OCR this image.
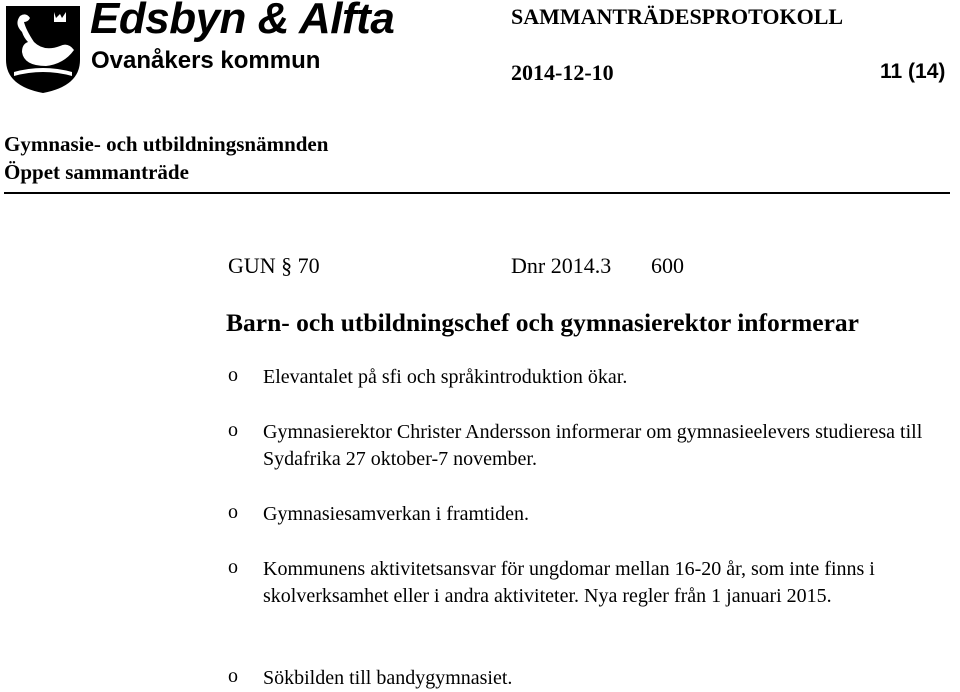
Edsbyn & Alfta
Ovanåkers kommun
SAMMANTRÄDESPROTOKOLL
2014-12-10	11 (14)
Gymnasie- och utbildningsnämnden
Öppet sammanträde
GUN § 70	Dnr 2014.3 600
Barn- och utbildningschef och gymnasierektor informerar
o Elevantalet på sfi och språkintroduktion ökar.
o Gymnasierektor Christer Andersson informerar om gymnasieelevers studieresa till Sydafrika 27 oktober-7 november.
o Gymnasiesamverkan i framtiden.
o Kommunens aktivitetsansvar för ungdomar mellan 16-20 år, som inte finns i skolverksamhet eller i andra aktiviteter. Nya regler från 1 januari 2015.
o Sökbilden till bandygymnasiet.
